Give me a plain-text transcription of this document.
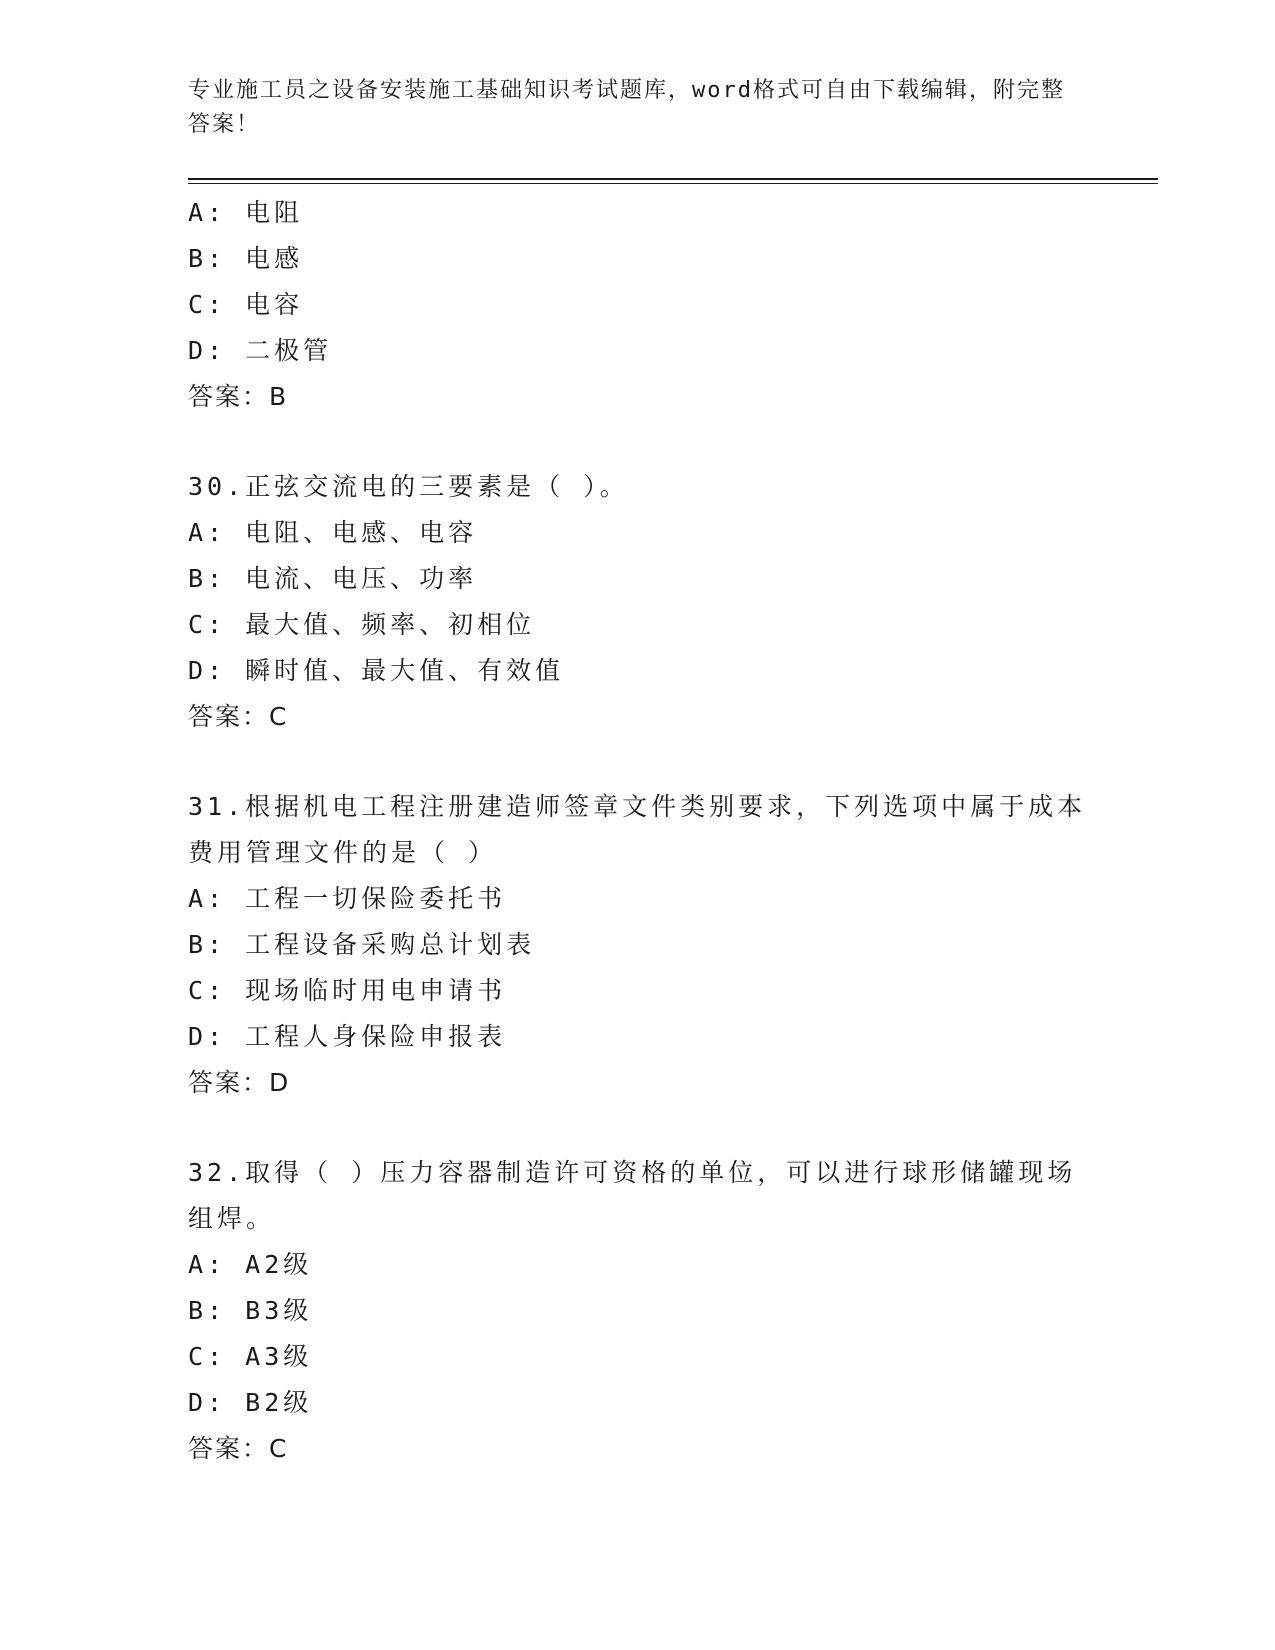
专业施工员之设备安装施工基础知识考试题库，word格式可自由下载编辑，附完整答案！
A: 电阻
B: 电感
C: 电容
D: 二极管
答案：B
30.正弦交流电的三要素是（ ）。
A: 电阻、电感、电容
B: 电流、电压、功率
C: 最大值、频率、初相位
D: 瞬时值、最大值、有效值
答案：C
31.根据机电工程注册建造师签章文件类别要求，下列选项中属于成本费用管理文件的是（ ）
A: 工程一切保险委托书
B: 工程设备采购总计划表
C: 现场临时用电申请书
D: 工程人身保险申报表
答案：D
32.取得（ ）压力容器制造许可资格的单位，可以进行球形储罐现场组焊。
A: A2级
B: B3级
C: A3级
D: B2级
答案：C
